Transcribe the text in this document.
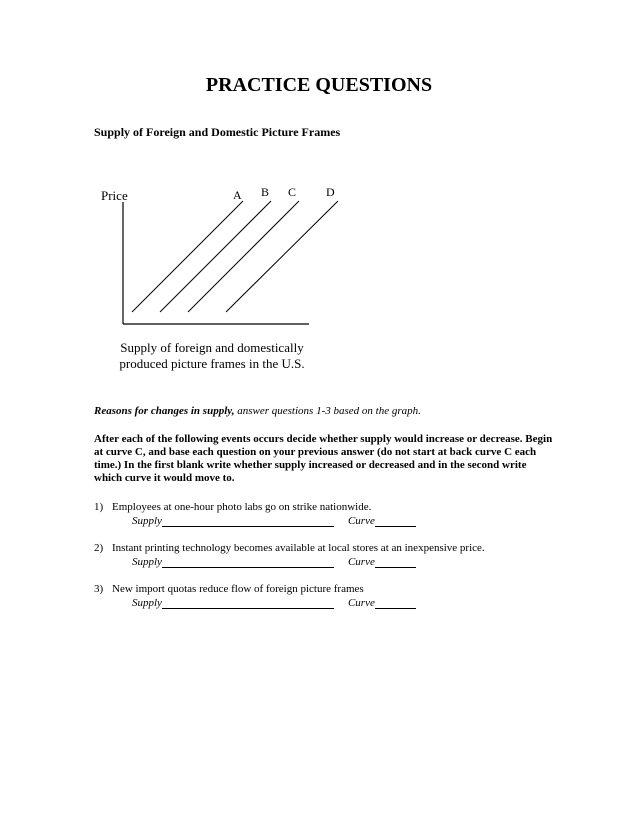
PRACTICE QUESTIONS
Supply of Foreign and Domestic Picture Frames
Price	A B C D
Supply of foreign and domestically
produced picture frames in the U.S.
Reasons for changes in supply, answer questions 1-3 based on the graph.
After each of the following events occurs decide whether supply would increase or decrease. Begin at curve C, and base each question on your previous answer (do not start at back curve C each time.) In the first blank write whether supply increased or decreased and in the second write which curve it would move to.
1) Employees at one-hour photo labs go on strike nationwide.
Supply	Curve
2) Instant printing technology becomes available at local stores at an inexpensive price.
Supply	Curve
3) New import quotas reduce flow of foreign picture frames
Supply	Curve
